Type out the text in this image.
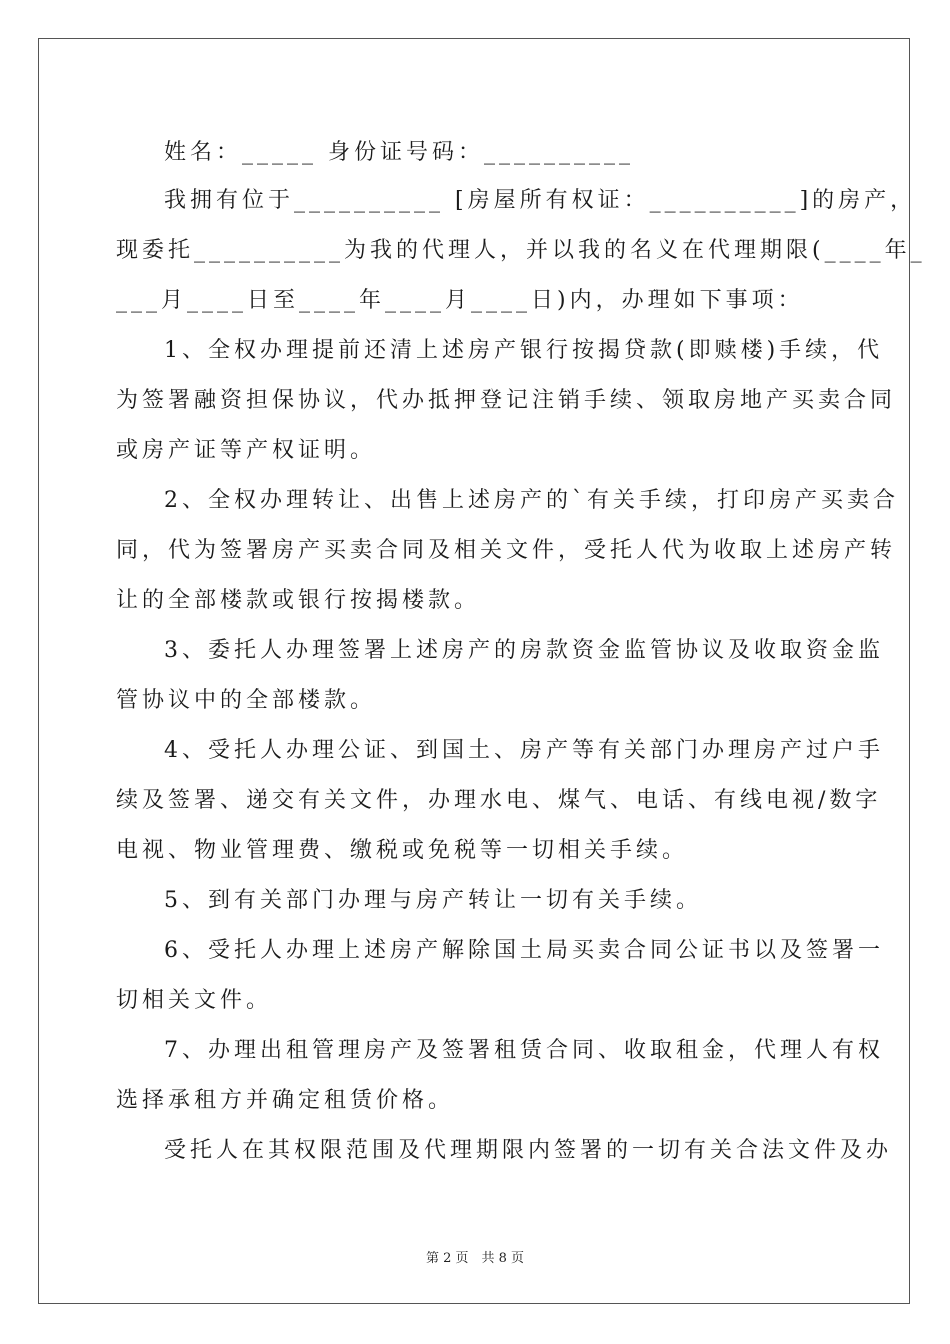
姓名：_____ 身份证号码：__________
我拥有位于__________ [房屋所有权证：__________]的房产，
现委托__________为我的代理人，并以我的名义在代理期限(____年_
___月____日至____年____月____日)内，办理如下事项：
1、全权办理提前还清上述房产银行按揭贷款(即赎楼)手续，代
为签署融资担保协议，代办抵押登记注销手续、领取房地产买卖合同
或房产证等产权证明。
2、全权办理转让、出售上述房产的`有关手续，打印房产买卖合
同，代为签署房产买卖合同及相关文件，受托人代为收取上述房产转
让的全部楼款或银行按揭楼款。
3、委托人办理签署上述房产的房款资金监管协议及收取资金监
管协议中的全部楼款。
4、受托人办理公证、到国土、房产等有关部门办理房产过户手
续及签署、递交有关文件，办理水电、煤气、电话、有线电视/数字
电视、物业管理费、缴税或免税等一切相关手续。
5、到有关部门办理与房产转让一切有关手续。
6、受托人办理上述房产解除国土局买卖合同公证书以及签署一
切相关文件。
7、办理出租管理房产及签署租赁合同、收取租金，代理人有权
选择承租方并确定租赁价格。
受托人在其权限范围及代理期限内签署的一切有关合法文件及办
第 2 页　共 8 页
